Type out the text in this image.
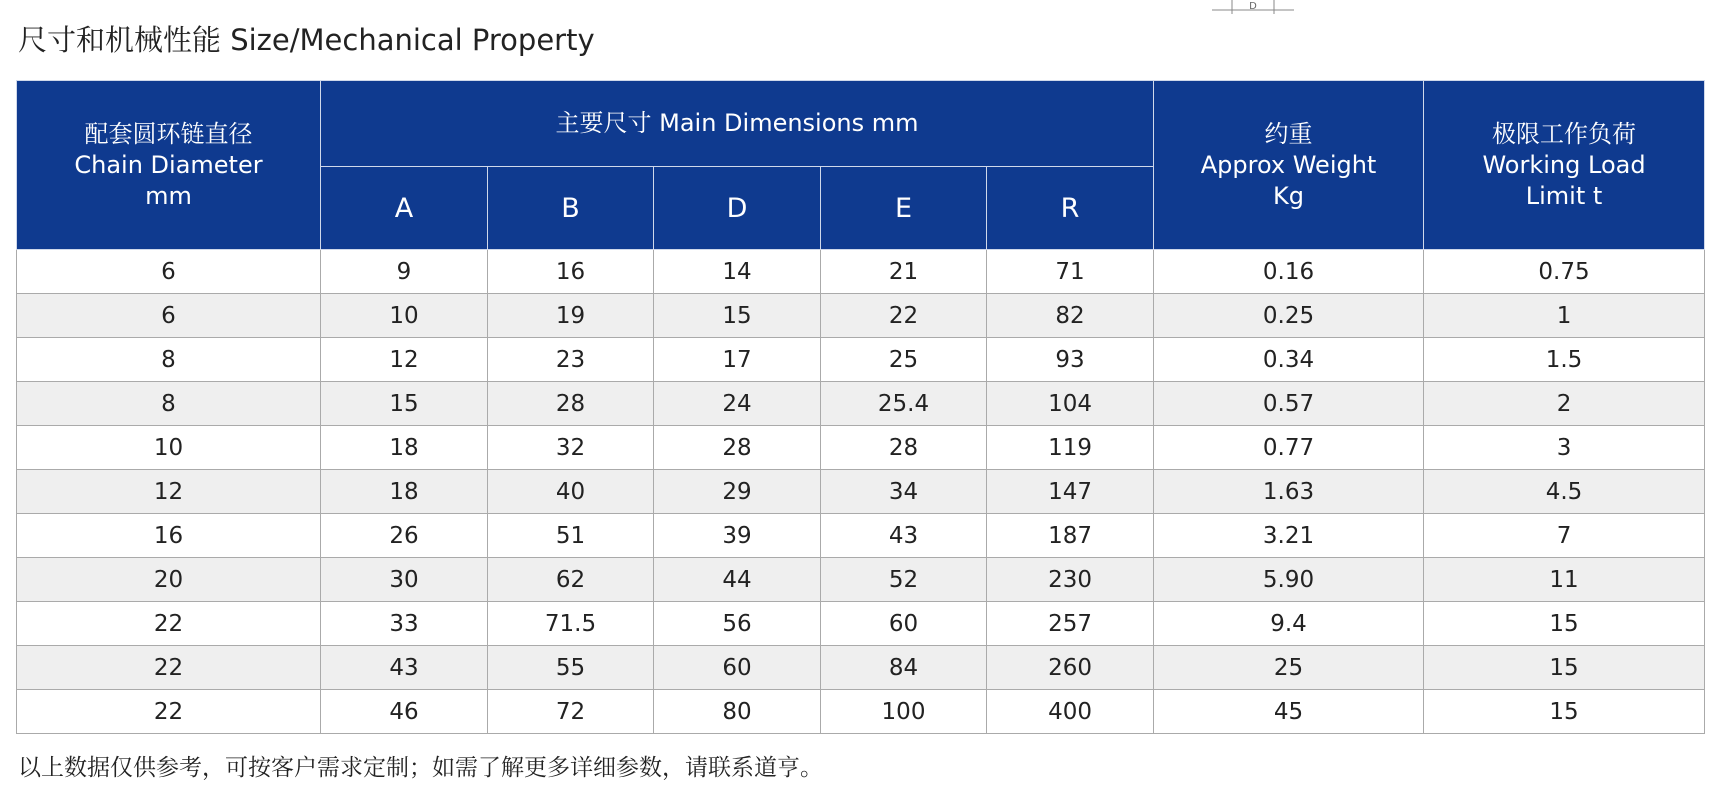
D
尺寸和机械性能 Size/Mechanical Property
配套圆环链直径
Chain Diameter
mm	主要尺寸 Main Dimensions mm					约重
Approx Weight
Kg	极限工作负荷
Working Load
Limit t

	A	B	D	E	R		
6	9	16	14	21	71	0.16	0.75
6	10	19	15	22	82	0.25	1
8	12	23	17	25	93	0.34	1.5
8	15	28	24	25.4	104	0.57	2
10	18	32	28	28	119	0.77	3
12	18	40	29	34	147	1.63	4.5
16	26	51	39	43	187	3.21	7
20	30	62	44	52	230	5.90	11
22	33	71.5	56	60	257	9.4	15
22	43	55	60	84	260	25	15
22	46	72	80	100	400	45	15
以上数据仅供参考，可按客户需求定制；如需了解更多详细参数，请联系道亨。
